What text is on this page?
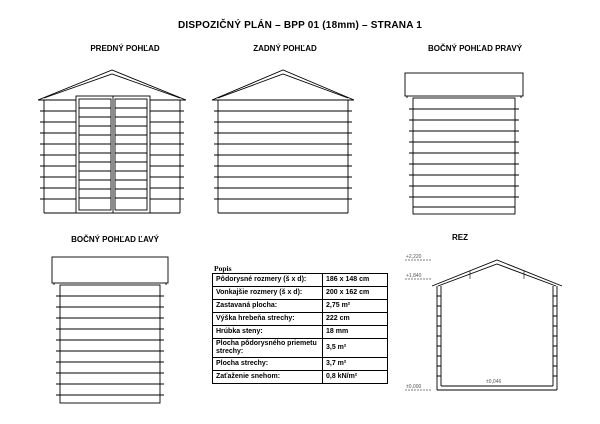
DISPOZIČNÝ PLÁN – BPP 01 (18mm) – STRANA 1
PREDNÝ POHĽAD	ZADNÝ POHĽAD	BOČNÝ POHĽAD PRAVÝ
BOČNÝ POHĽAD ĽAVÝ	REZ
+2,220
+1,840
±0,000
±0,046
Popis
Pôdorysné rozmery (š x d):	186 x 148 cm
Vonkajšie rozmery (š x d):	200 x 162 cm
Zastavaná plocha:	2,75 m²
Výška hrebeňa strechy:	222 cm
Hrúbka steny:	18 mm
Plocha pôdorysného priemetu strechy:	3,5 m²
Plocha strechy:	3,7 m²
Zaťaženie snehom:	0,8 kN/m²
